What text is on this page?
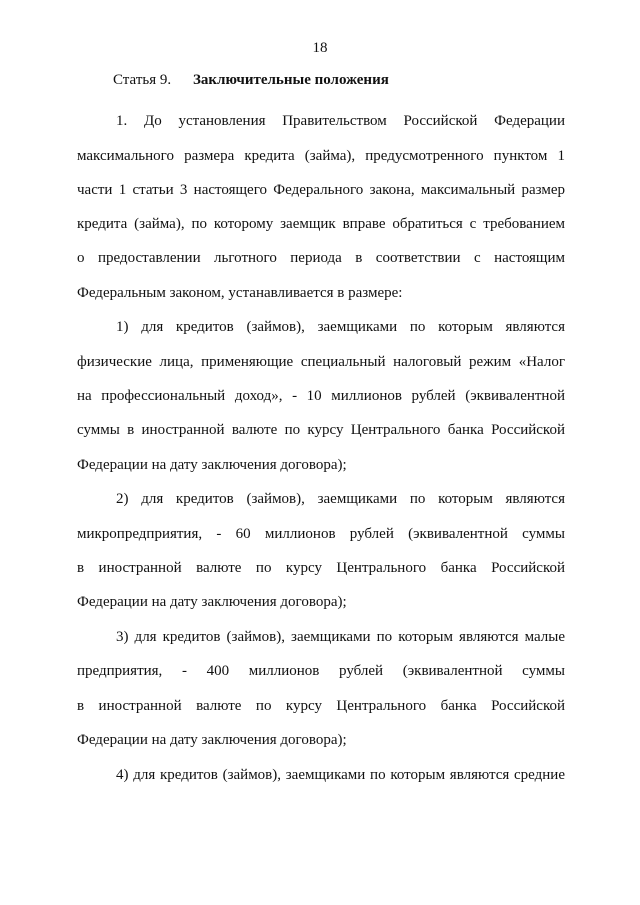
18
Статья 9. Заключительные положения
1. До установления Правительством Российской Федерации
максимального размера кредита (займа), предусмотренного пунктом 1
части 1 статьи 3 настоящего Федерального закона, максимальный размер
кредита (займа), по которому заемщик вправе обратиться с требованием
о предоставлении льготного периода в соответствии с настоящим
Федеральным законом, устанавливается в размере:
1) для кредитов (займов), заемщиками по которым являются
физические лица, применяющие специальный налоговый режим «Налог
на профессиональный доход», - 10 миллионов рублей (эквивалентной
суммы в иностранной валюте по курсу Центрального банка Российской
Федерации на дату заключения договора);
2) для кредитов (займов), заемщиками по которым являются
микропредприятия, - 60 миллионов рублей (эквивалентной суммы
в иностранной валюте по курсу Центрального банка Российской
Федерации на дату заключения договора);
3) для кредитов (займов), заемщиками по которым являются малые
предприятия, - 400 миллионов рублей (эквивалентной суммы
в иностранной валюте по курсу Центрального банка Российской
Федерации на дату заключения договора);
4) для кредитов (займов), заемщиками по которым являются средние
